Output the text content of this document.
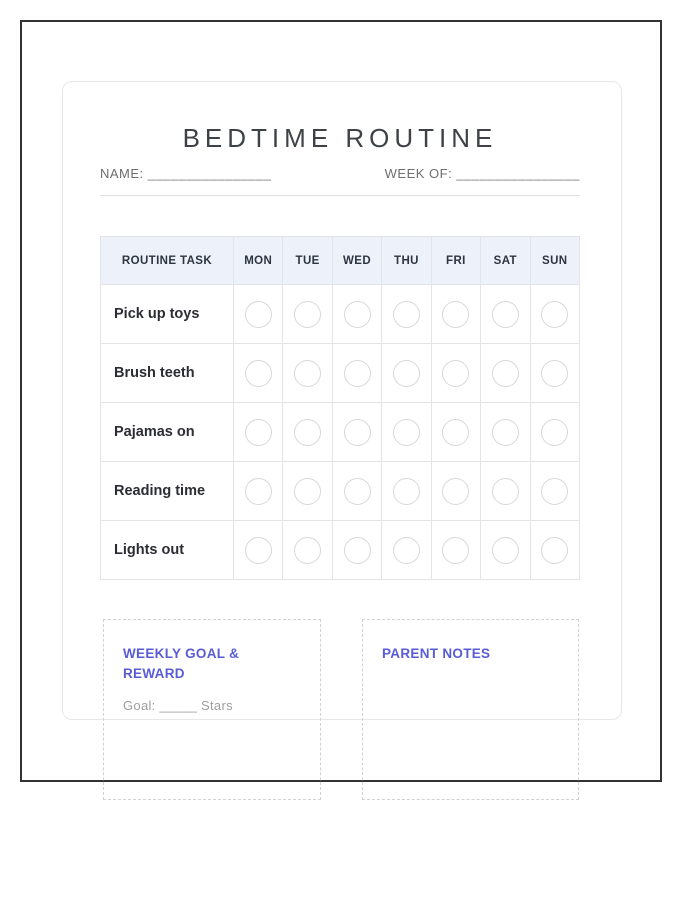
BEDTIME ROUTINE
NAME: ________________	WEEK OF: ________________
ROUTINE TASK	MON	TUE	WED	THU	FRI	SAT	SUN
Pick up toys							
Brush teeth							
Pajamas on							
Reading time							
Lights out							
WEEKLY GOAL & REWARD
Goal: _____ Stars
PARENT NOTES
